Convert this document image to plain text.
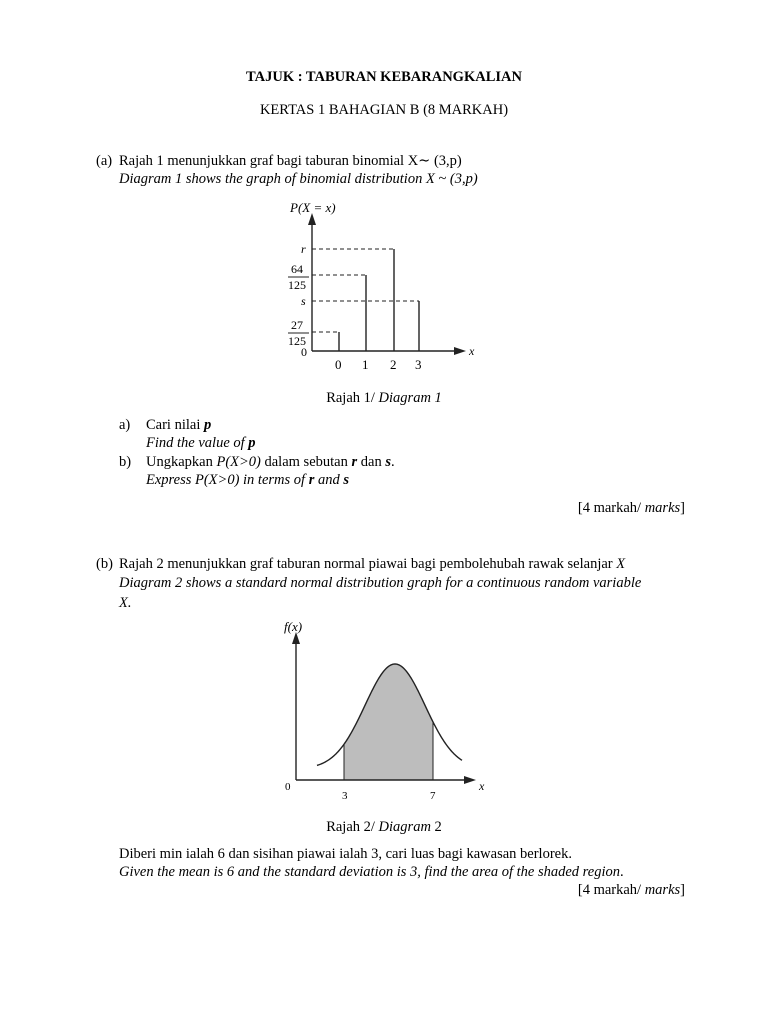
TAJUK : TABURAN KEBARANGKALIAN
KERTAS 1 BAHAGIAN B (8 MARKAH)
(a) Rajah 1 menunjukkan graf bagi taburan binomial X∼ (3,p)
Diagram 1 shows the graph of binomial distribution X ~ (3,p)
P(X = x)
x
r
64
125
s
27
125
0
0 1 2 3
Rajah 1/ Diagram 1
a) Cari nilai p
Find the value of p
b) Ungkapkan P(X>0) dalam sebutan r dan s.
Express P(X>0) in terms of r and s
[4 markah/ marks]
(b) Rajah 2 menunjukkan graf taburan normal piawai bagi pembolehubah rawak selanjar X
Diagram 2 shows a standard normal distribution graph for a continuous random variable
X.
f(x)
x
0
3	7
Rajah 2/ Diagram 2
Diberi min ialah 6 dan sisihan piawai ialah 3, cari luas bagi kawasan berlorek.
Given the mean is 6 and the standard deviation is 3, find the area of the shaded region.
[4 markah/ marks]
